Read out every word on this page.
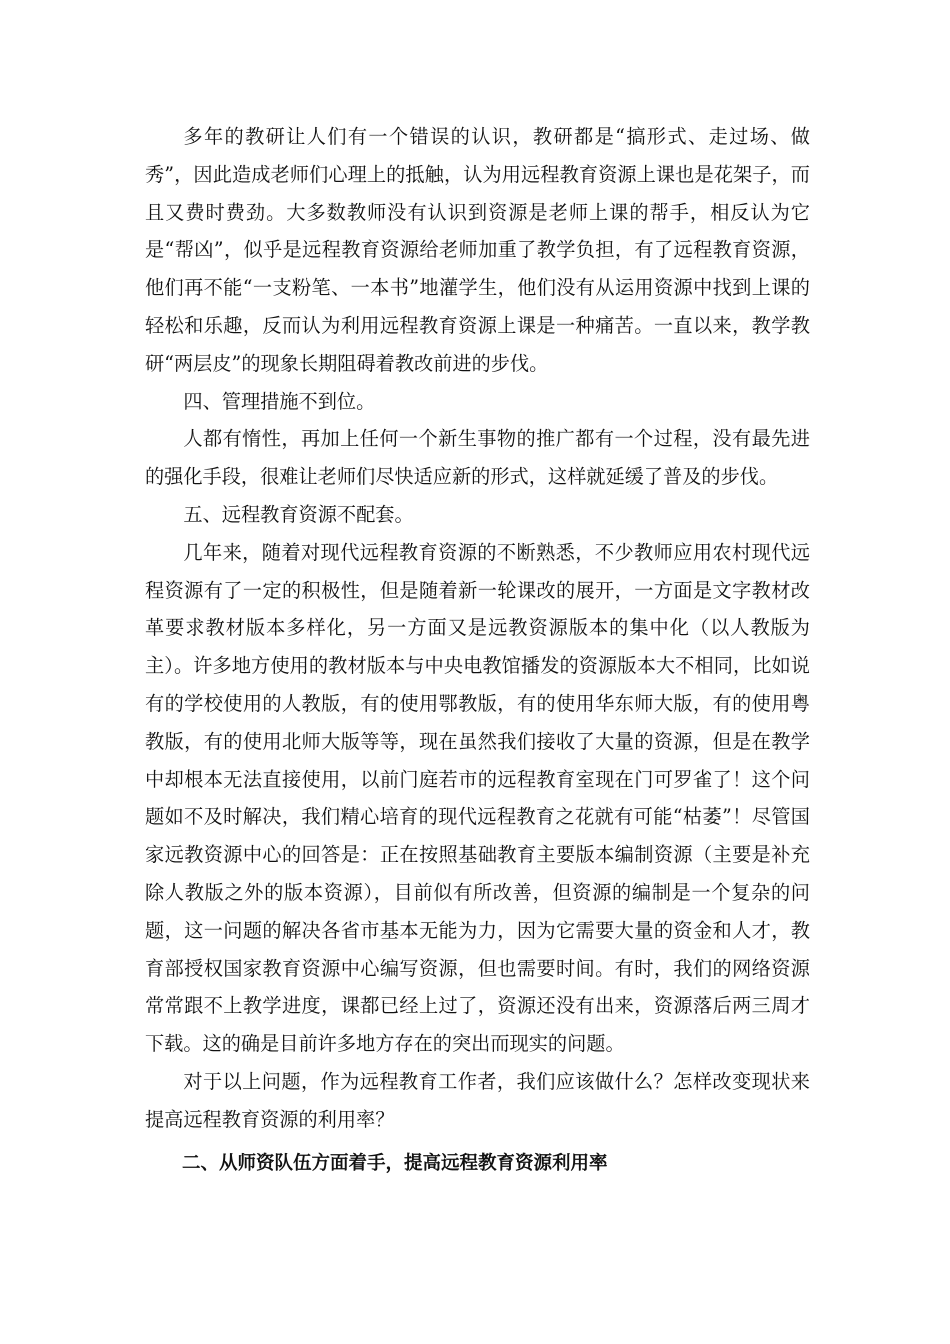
多年的教研让人们有一个错误的认识，教研都是“搞形式、走过场、做秀”，因此造成老师们心理上的抵触，认为用远程教育资源上课也是花架子，而且又费时费劲。大多数教师没有认识到资源是老师上课的帮手，相反认为它是“帮凶”，似乎是远程教育资源给老师加重了教学负担，有了远程教育资源，他们再不能“一支粉笔、一本书”地灌学生，他们没有从运用资源中找到上课的轻松和乐趣，反而认为利用远程教育资源上课是一种痛苦。一直以来，教学教研“两层皮”的现象长期阻碍着教改前进的步伐。

四、管理措施不到位。

人都有惰性，再加上任何一个新生事物的推广都有一个过程，没有最先进的强化手段，很难让老师们尽快适应新的形式，这样就延缓了普及的步伐。

五、远程教育资源不配套。

几年来，随着对现代远程教育资源的不断熟悉，不少教师应用农村现代远程资源有了一定的积极性，但是随着新一轮课改的展开，一方面是文字教材改革要求教材版本多样化，另一方面又是远教资源版本的集中化（以人教版为主）。许多地方使用的教材版本与中央电教馆播发的资源版本大不相同，比如说有的学校使用的人教版，有的使用鄂教版，有的使用华东师大版，有的使用粤教版，有的使用北师大版等等，现在虽然我们接收了大量的资源，但是在教学中却根本无法直接使用，以前门庭若市的远程教育室现在门可罗雀了！这个问题如不及时解决，我们精心培育的现代远程教育之花就有可能“枯萎”！尽管国家远教资源中心的回答是：正在按照基础教育主要版本编制资源（主要是补充除人教版之外的版本资源），目前似有所改善，但资源的编制是一个复杂的问题，这一问题的解决各省市基本无能为力，因为它需要大量的资金和人才，教育部授权国家教育资源中心编写资源，但也需要时间。有时，我们的网络资源常常跟不上教学进度，课都已经上过了，资源还没有出来，资源落后两三周才下载。这的确是目前许多地方存在的突出而现实的问题。

对于以上问题，作为远程教育工作者，我们应该做什么？怎样改变现状来提高远程教育资源的利用率？

二、从师资队伍方面着手，提高远程教育资源利用率
